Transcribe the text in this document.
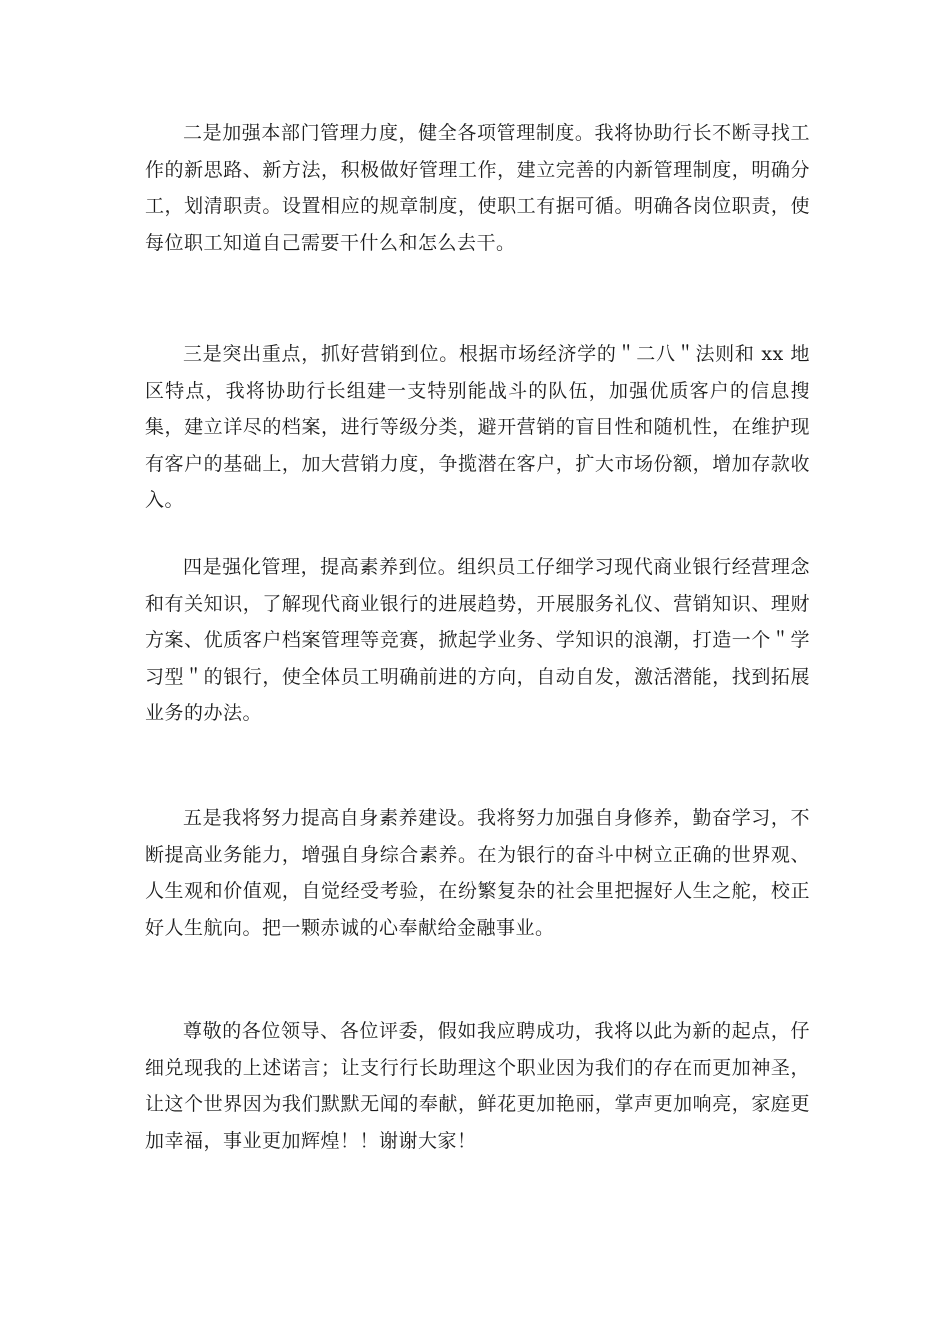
二是加强本部门管理力度，健全各项管理制度。我将协助行长不断寻找工作的新思路、新方法，积极做好管理工作，建立完善的内新管理制度，明确分工，划清职责。设置相应的规章制度，使职工有据可循。明确各岗位职责，使每位职工知道自己需要干什么和怎么去干。

三是突出重点，抓好营销到位。根据市场经济学的＂二八＂法则和 xx 地区特点，我将协助行长组建一支特别能战斗的队伍，加强优质客户的信息搜集，建立详尽的档案，进行等级分类，避开营销的盲目性和随机性，在维护现有客户的基础上，加大营销力度，争揽潜在客户，扩大市场份额，增加存款收入。

四是强化管理，提高素养到位。组织员工仔细学习现代商业银行经营理念和有关知识，了解现代商业银行的进展趋势，开展服务礼仪、营销知识、理财方案、优质客户档案管理等竞赛，掀起学业务、学知识的浪潮，打造一个＂学习型＂的银行，使全体员工明确前进的方向，自动自发，激活潜能，找到拓展业务的办法。

五是我将努力提高自身素养建设。我将努力加强自身修养，勤奋学习，不断提高业务能力，增强自身综合素养。在为银行的奋斗中树立正确的世界观、人生观和价值观，自觉经受考验，在纷繁复杂的社会里把握好人生之舵，校正好人生航向。把一颗赤诚的心奉献给金融事业。

尊敬的各位领导、各位评委，假如我应聘成功，我将以此为新的起点，仔细兑现我的上述诺言；让支行行长助理这个职业因为我们的存在而更加神圣，让这个世界因为我们默默无闻的奉献，鲜花更加艳丽，掌声更加响亮，家庭更加幸福，事业更加辉煌！！谢谢大家！
